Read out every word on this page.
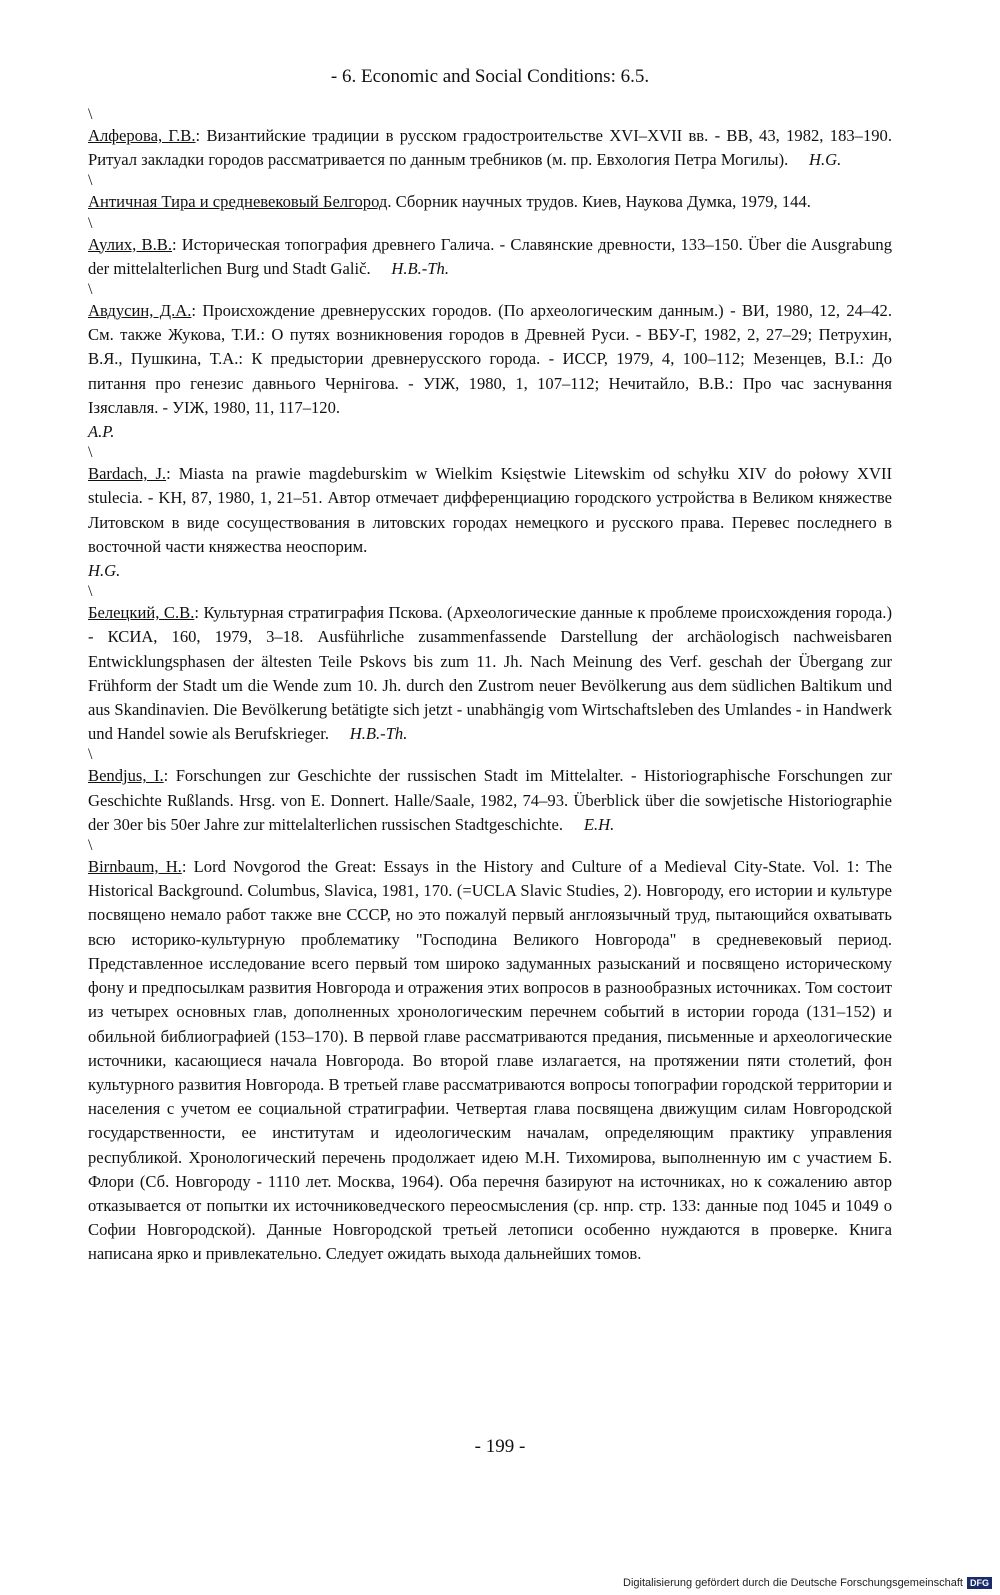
- 6. Economic and Social Conditions: 6.5.
\

Алферова, Г.В.: Византийские традиции в русском градостроительстве XVI–XVII вв. - ВВ, 43, 1982, 183–190. Ритуал закладки городов рассматривается по данным требников (м. пр. Евхология Петра Могилы). H.G.

\

Античная Тира и средневековый Белгород. Сборник научных трудов. Киев, Наукова Думка, 1979, 144.

\

Аулих, В.В.: Историческая топография древнего Галича. - Славянские древности, 133–150. Über die Ausgrabung der mittelalterlichen Burg und Stadt Galič. H.B.-Th.

\

Авдусин, Д.А.: Происхождение древнерусских городов. (По археологическим данным.) - ВИ, 1980, 12, 24–42. См. также Жукова, Т.И.: О путях возникновения городов в Древней Руси. - ВБУ-Г, 1982, 2, 27–29; Петрухин, В.Я., Пушкина, Т.А.: К предыстории древнерусского города. - ИССР, 1979, 4, 100–112; Мезенцев, В.І.: До питання про генезис давнього Чернігова. - УІЖ, 1980, 1, 107–112; Нечитайло, В.В.: Про час заснування Ізяславля. - УІЖ, 1980, 11, 117–120.
A.P.

\

Bardach, J.: Miasta na prawie magdeburskim w Wielkim Księstwie Litewskim od schyłku XIV do połowy XVII stulecia. - KH, 87, 1980, 1, 21–51. Автор отмечает дифференциацию городского устройства в Великом княжестве Литовском в виде сосуществования в литовских городах немецкого и русского права. Перевес последнего в восточной части княжества неоспорим.
H.G.

\

Белецкий, С.В.: Культурная стратиграфия Пскова. (Археологические данные к проблеме происхождения города.) - КСИА, 160, 1979, 3–18. Ausführliche zusammenfassende Darstellung der archäologisch nachweisbaren Entwicklungsphasen der ältesten Teile Pskovs bis zum 11. Jh. Nach Meinung des Verf. geschah der Übergang zur Frühform der Stadt um die Wende zum 10. Jh. durch den Zustrom neuer Bevölkerung aus dem südlichen Baltikum und aus Skandinavien. Die Bevölkerung betätigte sich jetzt - unabhängig vom Wirtschaftsleben des Umlandes - in Handwerk und Handel sowie als Berufskrieger. H.B.-Th.

\

Bendjus, I.: Forschungen zur Geschichte der russischen Stadt im Mittelalter. - Historiographische Forschungen zur Geschichte Rußlands. Hrsg. von E. Donnert. Halle/Saale, 1982, 74–93. Überblick über die sowjetische Historiographie der 30er bis 50er Jahre zur mittelalterlichen russischen Stadtgeschichte. E.H.

\

Birnbaum, H.: Lord Novgorod the Great: Essays in the History and Culture of a Medieval City-State. Vol. 1: The Historical Background. Columbus, Slavica, 1981, 170. (=UCLA Slavic Studies, 2). Новгороду, его истории и культуре посвящено немало работ также вне СССР, но это пожалуй первый англоязычный труд, пытающийся охватывать всю историко-культурную проблематику "Господина Великого Новгорода" в средневековый период. Представленное исследование всего первый том широко задуманных разысканий и посвящено историческому фону и предпосылкам развития Новгорода и отражения этих вопросов в разнообразных источниках. Том состоит из четырех основных глав, дополненных хронологическим перечнем событий в истории города (131–152) и обильной библиографией (153–170). В первой главе рассматриваются предания, письменные и археологические источники, касающиеся начала Новгорода. Во второй главе излагается, на протяжении пяти столетий, фон культурного развития Новгорода. В третьей главе рассматриваются вопросы топографии городской территории и населения с учетом ее социальной стратиграфии. Четвертая глава посвящена движущим силам Новгородской государственности, ее институтам и идеологическим началам, определяющим практику управления республикой. Хронологический перечень продолжает идею М.Н. Тихомирова, выполненную им с участием Б. Флори (Сб. Новгороду - 1110 лет. Москва, 1964). Оба перечня базируют на источниках, но к сожалению автор отказывается от попытки их источниковедческого переосмысления (ср. нпр. стр. 133: данные под 1045 и 1049 о Софии Новгородской). Данные Новгородской третьей летописи особенно нуждаются в проверке. Книга написана ярко и привлекательно. Следует ожидать выхода дальнейших томов.

- 199 -
Digitalisierung gefördert durch die Deutsche Forschungsgemeinschaft DFG
